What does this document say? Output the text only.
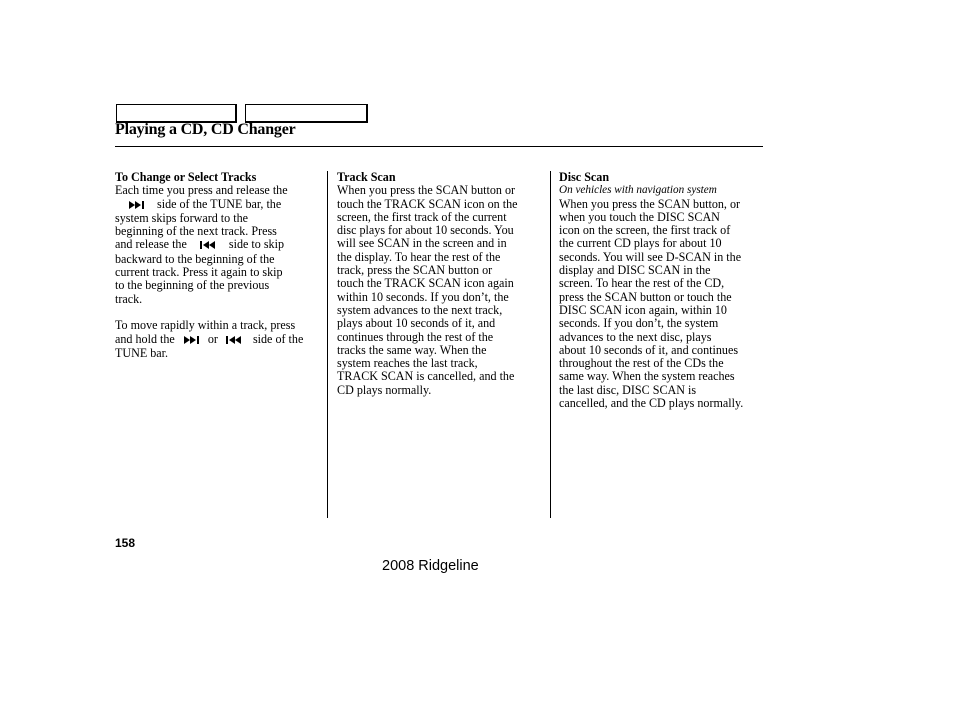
Playing a CD, CD Changer
To Change or Select Tracks
Each time you press and release the
side of the TUNE bar, the
system skips forward to the
beginning of the next track. Press
and release the	side to skip
backward to the beginning of the
current track. Press it again to skip
to the beginning of the previous
track.
To move rapidly within a track, press
and hold the	or	side of the
TUNE bar.
Track Scan
When you press the SCAN button or
touch the TRACK SCAN icon on the
screen, the first track of the current
disc plays for about 10 seconds. You
will see SCAN in the screen and in
the display. To hear the rest of the
track, press the SCAN button or
touch the TRACK SCAN icon again
within 10 seconds. If you don’t, the
system advances to the next track,
plays about 10 seconds of it, and
continues through the rest of the
tracks the same way. When the
system reaches the last track,
TRACK SCAN is cancelled, and the
CD plays normally.
Disc Scan
On vehicles with navigation system
When you press the SCAN button, or
when you touch the DISC SCAN
icon on the screen, the first track of
the current CD plays for about 10
seconds. You will see D-SCAN in the
display and DISC SCAN in the
screen. To hear the rest of the CD,
press the SCAN button or touch the
DISC SCAN icon again, within 10
seconds. If you don’t, the system
advances to the next disc, plays
about 10 seconds of it, and continues
throughout the rest of the CDs the
same way. When the system reaches
the last disc, DISC SCAN is
cancelled, and the CD plays normally.
158
2008 Ridgeline
